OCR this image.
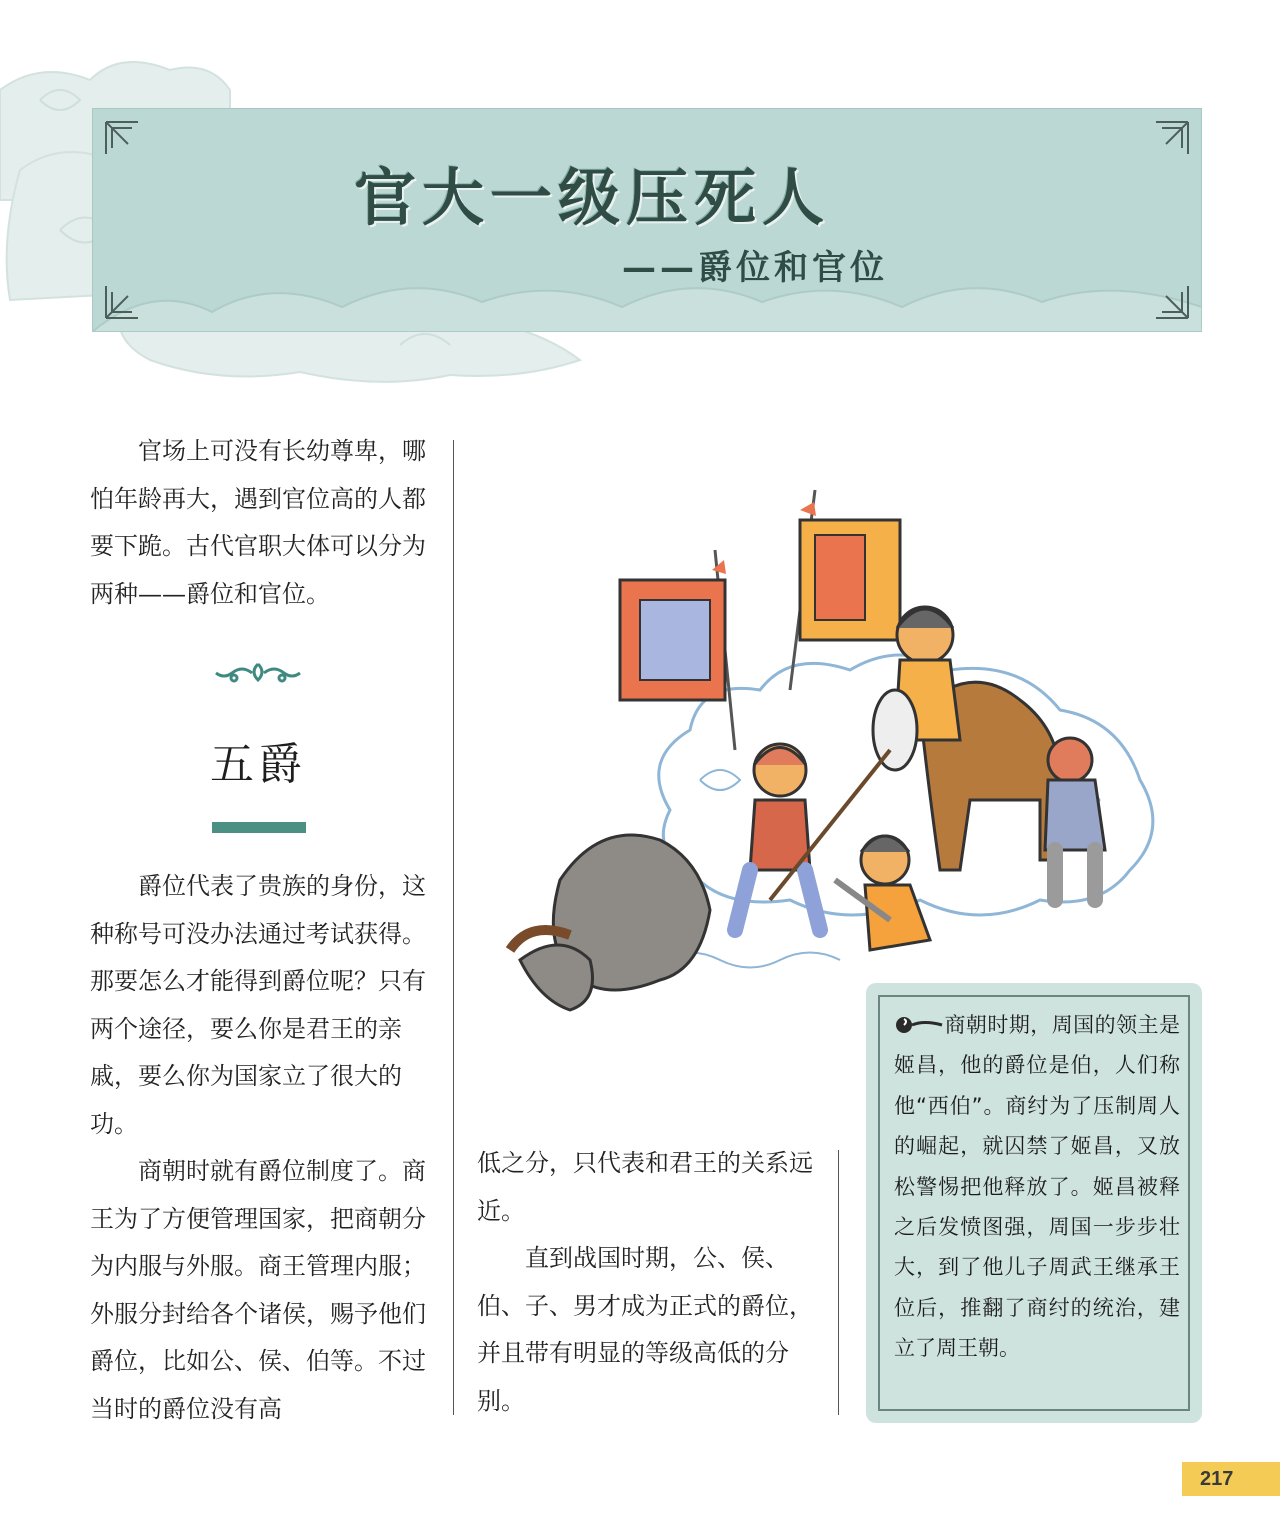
官大一级压死人
——爵位和官位

官场上可没有长幼尊卑，哪怕年龄再大，遇到官位高的人都要下跪。古代官职大体可以分为两种——爵位和官位。

五爵

爵位代表了贵族的身份，这种称号可没办法通过考试获得。那要怎么才能得到爵位呢？只有两个途径，要么你是君王的亲戚，要么你为国家立了很大的功。

商朝时就有爵位制度了。商王为了方便管理国家，把商朝分为内服与外服。商王管理内服；外服分封给各个诸侯，赐予他们爵位，比如公、侯、伯等。不过当时的爵位没有高

低之分，只代表和君王的关系远近。

直到战国时期，公、侯、伯、子、男才成为正式的爵位，并且带有明显的等级高低的分别。

商朝时期，周国的领主是姬昌，他的爵位是伯，人们称他“西伯”。商纣为了压制周人的崛起，就囚禁了姬昌，又放松警惕把他释放了。姬昌被释之后发愤图强，周国一步步壮大，到了他儿子周武王继承王位后，推翻了商纣的统治，建立了周王朝。
217
